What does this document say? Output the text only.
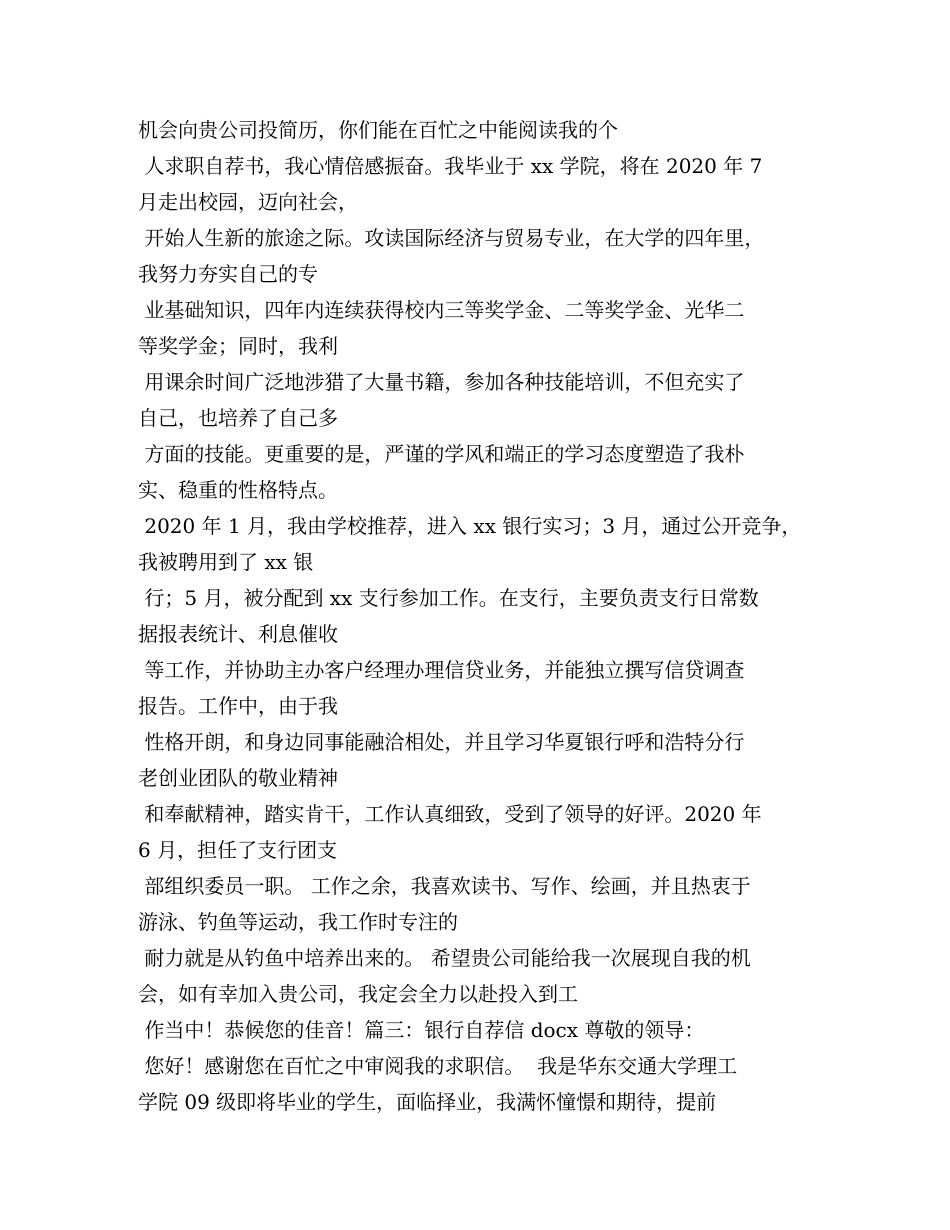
机会向贵公司投简历，你们能在百忙之中能阅读我的个
人求职自荐书，我心情倍感振奋。我毕业于 xx 学院，将在 2020 年 7
月走出校园，迈向社会，
开始人生新的旅途之际。攻读国际经济与贸易专业，在大学的四年里，
我努力夯实自己的专
业基础知识，四年内连续获得校内三等奖学金、二等奖学金、光华二
等奖学金；同时，我利
用课余时间广泛地涉猎了大量书籍，参加各种技能培训，不但充实了
自己，也培养了自己多
方面的技能。更重要的是，严谨的学风和端正的学习态度塑造了我朴
实、稳重的性格特点。
2020 年 1 月，我由学校推荐，进入 xx 银行实习；3 月，通过公开竞争，
我被聘用到了 xx 银
行；5 月，被分配到 xx 支行参加工作。在支行，主要负责支行日常数
据报表统计、利息催收
等工作，并协助主办客户经理办理信贷业务，并能独立撰写信贷调查
报告。工作中，由于我
性格开朗，和身边同事能融洽相处，并且学习华夏银行呼和浩特分行
老创业团队的敬业精神
和奉献精神，踏实肯干，工作认真细致，受到了领导的好评。2020 年
6 月，担任了支行团支
部组织委员一职。 工作之余，我喜欢读书、写作、绘画，并且热衷于
游泳、钓鱼等运动，我工作时专注的
耐力就是从钓鱼中培养出来的。 希望贵公司能给我一次展现自我的机
会，如有幸加入贵公司，我定会全力以赴投入到工
作当中！恭候您的佳音！篇三：银行自荐信 docx 尊敬的领导：
您好！感谢您在百忙之中审阅我的求职信。  我是华东交通大学理工
学院 09 级即将毕业的学生，面临择业，我满怀憧憬和期待，提前
